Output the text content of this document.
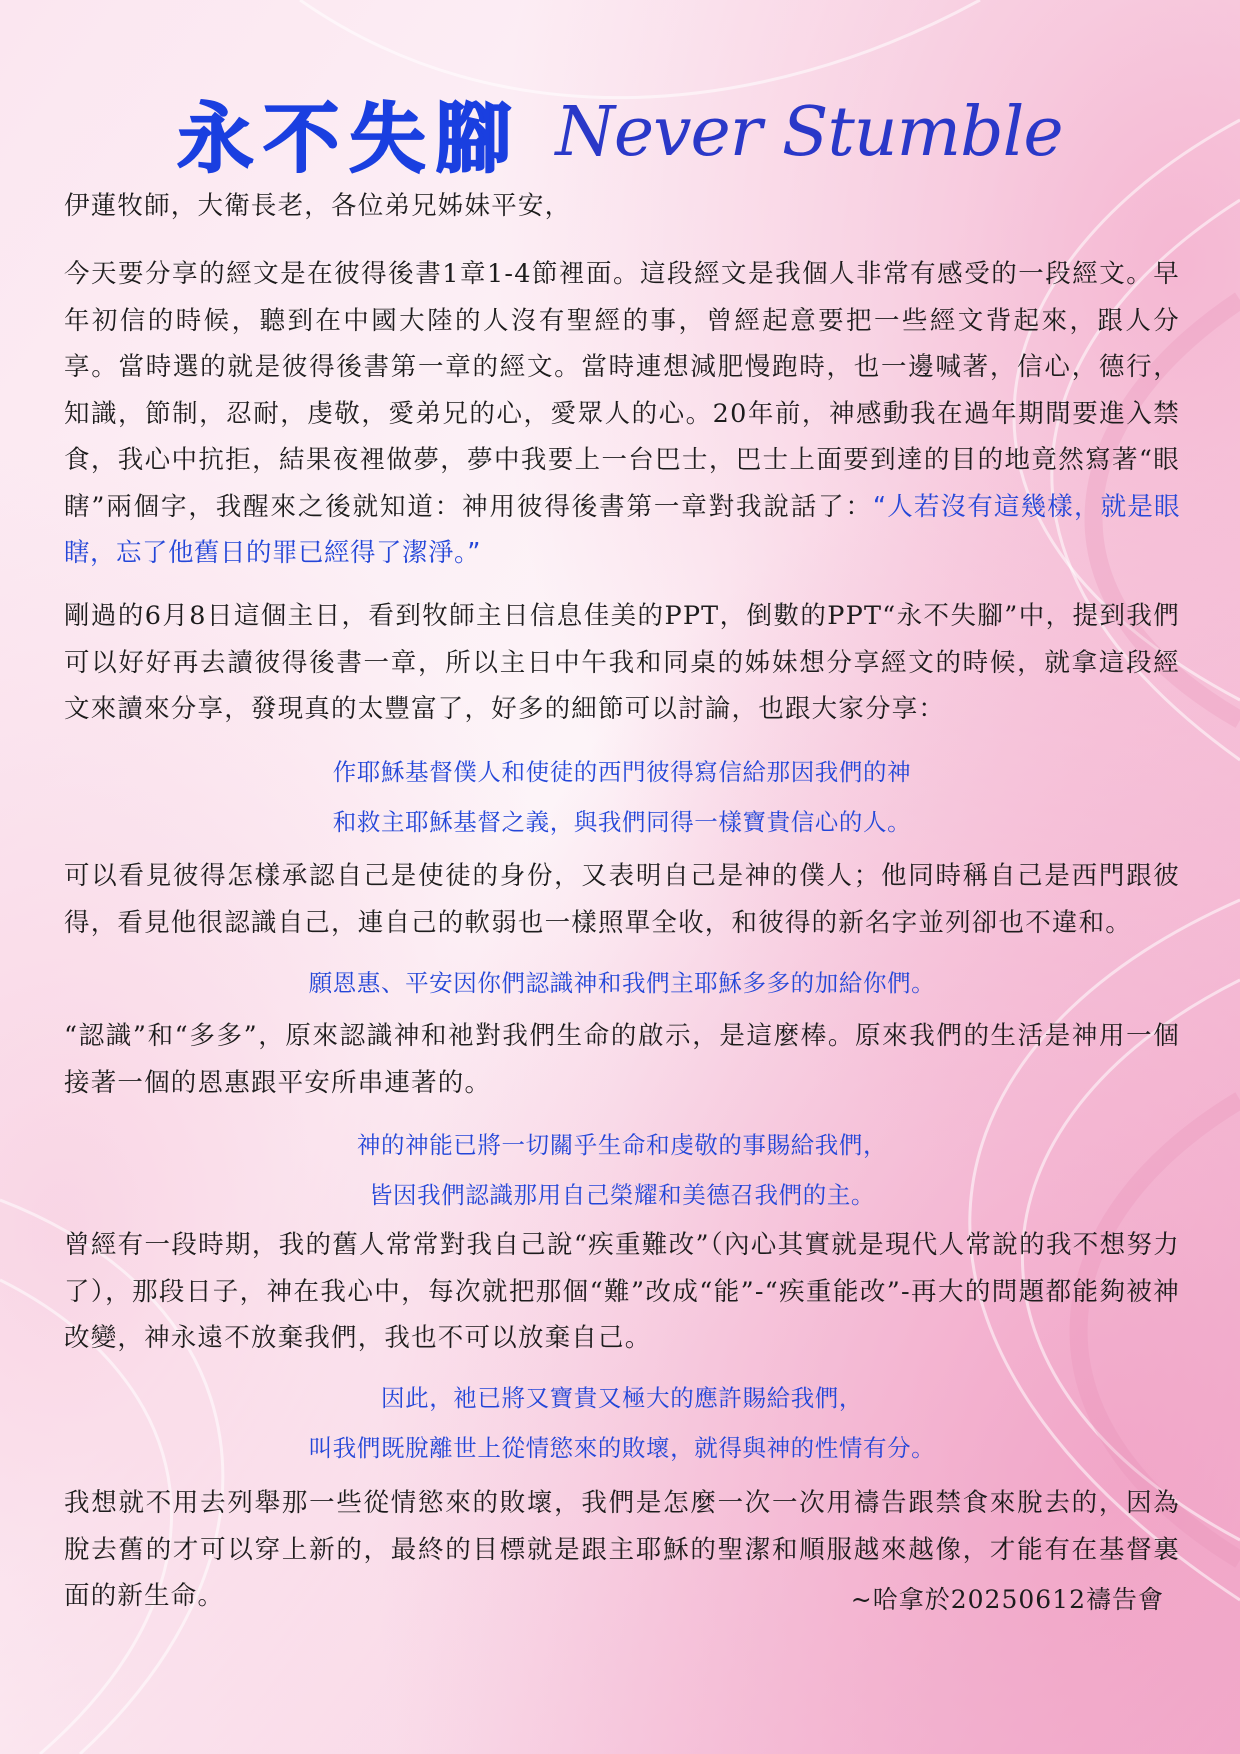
永不失腳 Never Stumble

伊蓮牧師，大衛長老，各位弟兄姊妹平安，

今天要分享的經文是在彼得後書1章1-4節裡面。這段經文是我個人非常有感受的一段經文。早年初信的時候，聽到在中國大陸的人沒有聖經的事，曾經起意要把一些經文背起來，跟人分享。當時選的就是彼得後書第一章的經文。當時連想減肥慢跑時，也一邊喊著，信心，德行，知識，節制，忍耐，虔敬，愛弟兄的心，愛眾人的心。20年前，神感動我在過年期間要進入禁食，我心中抗拒，結果夜裡做夢，夢中我要上一台巴士，巴士上面要到達的目的地竟然寫著“眼瞎”兩個字，我醒來之後就知道：神用彼得後書第一章對我說話了：“人若沒有這幾樣，就是眼瞎，忘了他舊日的罪已經得了潔淨。”

剛過的6月8日這個主日，看到牧師主日信息佳美的PPT，倒數的PPT“永不失腳”中，提到我們可以好好再去讀彼得後書一章，所以主日中午我和同桌的姊妹想分享經文的時候，就拿這段經文來讀來分享，發現真的太豐富了，好多的細節可以討論，也跟大家分享：

作耶穌基督僕人和使徒的西門彼得寫信給那因我們的神
和救主耶穌基督之義，與我們同得一樣寶貴信心的人。

可以看見彼得怎樣承認自己是使徒的身份，又表明自己是神的僕人；他同時稱自己是西門跟彼得，看見他很認識自己，連自己的軟弱也一樣照單全收，和彼得的新名字並列卻也不違和。

願恩惠、平安因你們認識神和我們主耶穌多多的加給你們。

“認識”和“多多”，原來認識神和祂對我們生命的啟示，是這麼棒。原來我們的生活是神用一個接著一個的恩惠跟平安所串連著的。

神的神能已將一切關乎生命和虔敬的事賜給我們，
皆因我們認識那用自己榮耀和美德召我們的主。

曾經有一段時期，我的舊人常常對我自己說“疾重難改”（內心其實就是現代人常說的我不想努力了），那段日子，神在我心中，每次就把那個“難”改成“能”-“疾重能改”-再大的問題都能夠被神改變，神永遠不放棄我們，我也不可以放棄自己。

因此，祂已將又寶貴又極大的應許賜給我們，
叫我們既脫離世上從情慾來的敗壞，就得與神的性情有分。

我想就不用去列舉那一些從情慾來的敗壞，我們是怎麼一次一次用禱告跟禁食來脫去的，因為脫去舊的才可以穿上新的，最終的目標就是跟主耶穌的聖潔和順服越來越像，才能有在基督裏面的新生命。	~哈拿於20250612禱告會
